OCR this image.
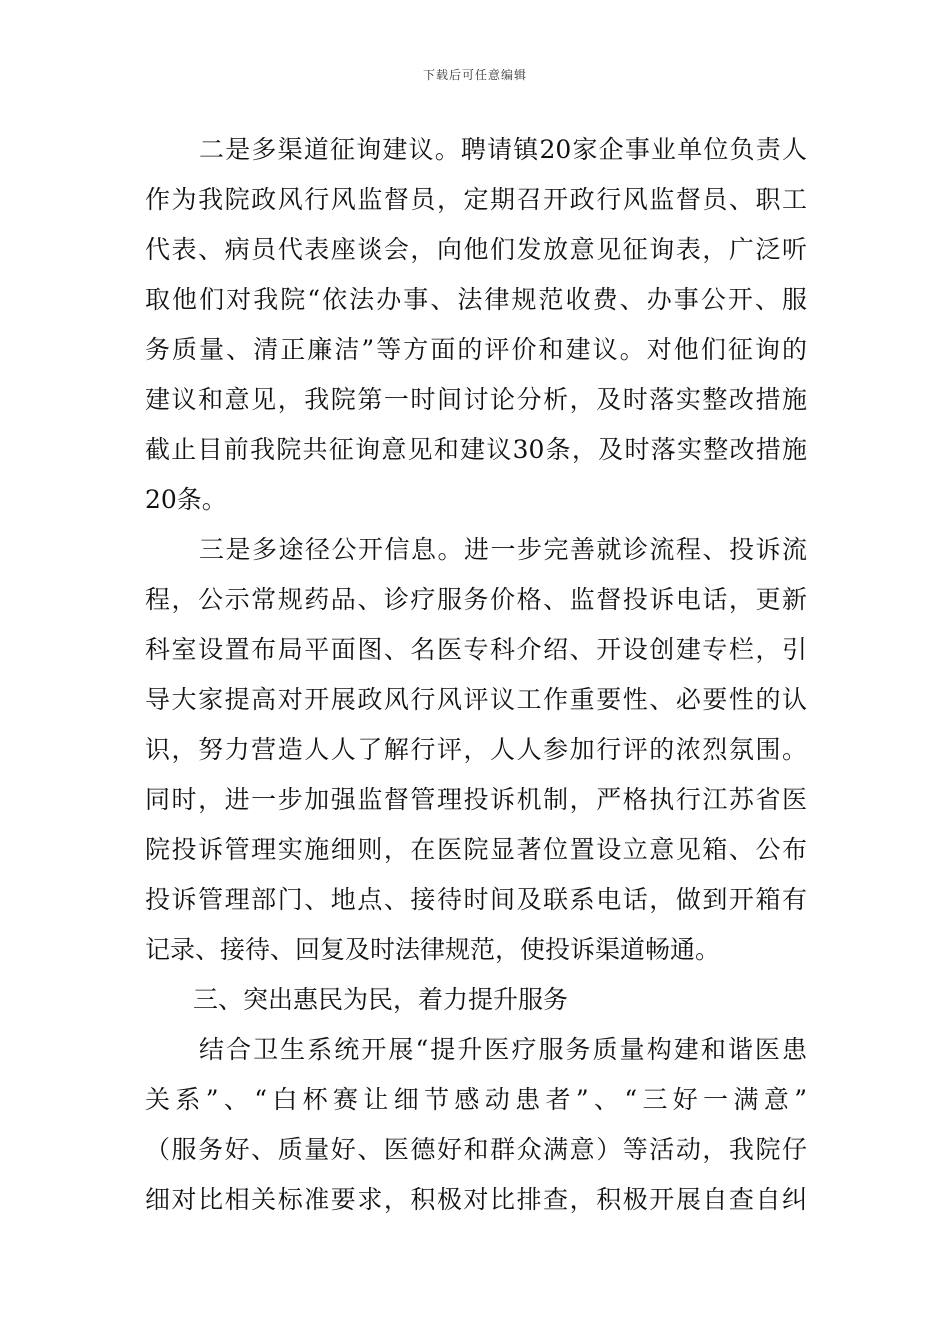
下载后可任意编辑
二是多渠道征询建议。聘请镇20家企事业单位负责人
作为我院政风行风监督员，定期召开政行风监督员、职工
代表、病员代表座谈会，向他们发放意见征询表，广泛听
取他们对我院“依法办事、法律规范收费、办事公开、服
务质量、清正廉洁”等方面的评价和建议。对他们征询的
建议和意见，我院第一时间讨论分析，及时落实整改措施
截止目前我院共征询意见和建议30条，及时落实整改措施
20条。
三是多途径公开信息。进一步完善就诊流程、投诉流
程，公示常规药品、诊疗服务价格、监督投诉电话，更新
科室设置布局平面图、名医专科介绍、开设创建专栏，引
导大家提高对开展政风行风评议工作重要性、必要性的认
识，努力营造人人了解行评，人人参加行评的浓烈氛围。
同时，进一步加强监督管理投诉机制，严格执行江苏省医
院投诉管理实施细则，在医院显著位置设立意见箱、公布
投诉管理部门、地点、接待时间及联系电话，做到开箱有
记录、接待、回复及时法律规范，使投诉渠道畅通。
三、突出惠民为民，着力提升服务
结合卫生系统开展“提升医疗服务质量构建和谐医患
关系”、“白杯赛让细节感动患者”、“三好一满意”
（服务好、质量好、医德好和群众满意）等活动，我院仔
细对比相关标准要求，积极对比排查，积极开展自查自纠
